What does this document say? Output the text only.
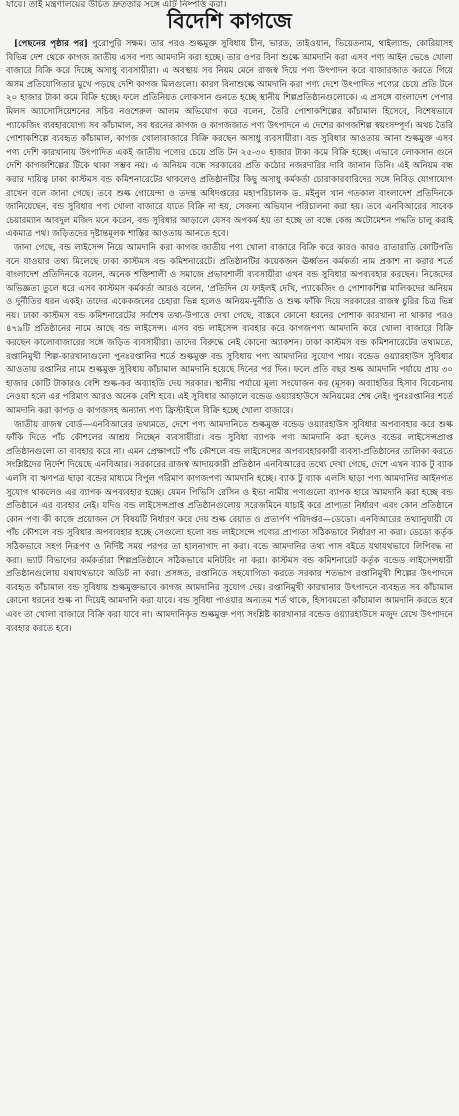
যাবে। তাই মন্ত্রণালয়ের উচিত দ্রুততার সঙ্গে এটি নিষ্পত্তি করা।
বিদেশি কাগজে

[পেছনের পৃষ্ঠার পর] পুরোপুরি সক্ষম। তার পরও শুল্কমুক্ত সুবিধায় চীন, ভারত, তাইওয়ান, ভিয়েতনাম, থাইল্যান্ড, কোরিয়াসহ বিভিন্ন দেশ থেকে কাগজ জাতীয় এসব পণ্য আমদানি করা হচ্ছে। তার ওপর বিনা শুল্কে আমদানি করা এসব পণ্য আইন ভেঙে খোলা বাজারে বিক্রি করে দিচ্ছে অসাধু ব্যবসায়ীরা। এ অবস্থায় সব নিয়ম মেনে রাজস্ব দিয়ে পণ্য উৎপাদন করে বাজারজাত করতে গিয়ে অসম প্রতিযোগিতার মুখে পড়ছে দেশি কাগজ মিলগুলো। কারণ বিনাশুল্কে আমদানি করা পণ্য দেশে উৎপাদিত পণ্যের চেয়ে প্রতি টনে ২০ হাজার টাকা কমে বিক্রি হচ্ছে। ফলে প্রতিনিয়ত লোকসান গুনতে হচ্ছে স্থানীয় শিল্পপ্রতিষ্ঠানগুলোকে। এ প্রসঙ্গে বাংলাদেশ পেপার মিলস অ্যাসোসিয়েশনের সচিব নওশেরুল আলম অভিযোগ করে বলেন, তৈরি পোশাকশিল্পের কাঁচামাল হিসেবে, বিশেষভাবে প্যাকেজিং ব্যবহারযোগ্য সব কাঁচামাল, সব ধরনের কাগজ ও কাগজজাত পণ্য উৎপাদনে এ দেশের কাগজশিল্প স্বয়ংসম্পূর্ণ। অথচ তৈরি পোশাকশিল্পে ব্যবহৃত কাঁচামাল, কাগজ খোলাবাজারে বিক্রি করছেন অসাধু ব্যবসায়ীরা। বন্ড সুবিধার আওতায় আনা শুল্কমুক্ত এসব পণ্য দেশি কারখানায় উৎপাদিত একই জাতীয় পণ্যের চেয়ে প্রতি টন ২৫-৩০ হাজার টাকা কমে বিক্রি হচ্ছে। এভাবে লোকসান গুনে দেশি কাগজশিল্পের টিকে থাকা সম্ভব নয়। এ অনিয়ম বন্ধে সরকারের প্রতি কঠোর নজরদারির দাবি জানান তিনি। এই অনিয়ম বন্ধ করার দায়িত্ব ঢাকা কাস্টমস বন্ড কমিশনারেটের থাকলেও প্রতিষ্ঠানটির কিছু অসাধু কর্মকর্তা চোরাকারবারিদের সঙ্গে নিবিড় যোগাযোগ রাখেন বলে জানা গেছে। তবে শুল্ক গোয়েন্দা ও তদন্ত অধিদপ্তরের মহাপরিচালক ড. মইনুল খান গতকাল বাংলাদেশ প্রতিদিনকে জানিয়েছেন, বন্ড সুবিধার পণ্য খোলা বাজারে যাতে বিক্রি না হয়, সেজন্য অভিযান পরিচালনা করা হয়। তবে এনবিআরের সাবেক চেয়ারম্যান আবদুল মজিদ মনে করেন, বন্ড সুবিধার আড়ালে যেসব অপকর্ম হয় তা হচ্ছে তা বন্ধে কেন্দ্র অটোমেশন পদ্ধতি চালু করাই একমাত্র পথ। জড়িতদের দৃষ্টান্তমূলক শাস্তির আওতায় আনতে হবে।

জানা গেছে, বন্ড লাইসেন্স নিয়ে আমদানি করা কাগজ জাতীয় পণ্য খোলা বাজারে বিক্রি করে কারও কারও রাতারাতি কোটিপতি বনে যাওয়ার তথ্য মিলেছে ঢাকা কাস্টমস বন্ড কমিশনারেটে। প্রতিষ্ঠানটির কয়েকজন ঊর্ধ্বতন কর্মকর্তা নাম প্রকাশ না করার শর্তে বাংলাদেশ প্রতিদিনকে বলেন, অনেক শক্তিশালী ও সমাজে প্রভাবশালী ব্যবসায়ীরা এখন বন্ড সুবিধার অপব্যবহার করছেন। নিজেদের অভিজ্ঞতা তুলে ধরে এসব কাস্টমস কর্মকর্তা আরও বলেন, 'প্রতিদিন যে ফাইলই দেখি, প্যাকেজিং ও পোশাকশিল্প মালিকদের অনিয়ম ও দুর্নীতির ধরন একই। তাদের একেকজনের চেহারা ভিন্ন হলেও অনিয়ম-দুর্নীতি ও শুল্ক ফাঁকি দিয়ে সরকারের রাজস্ব চুরির চিত্র ভিন্ন নয়। ঢাকা কাস্টমস বন্ড কমিশনারেটের সর্বশেষ তথ্য-উপাত্তে দেখা গেছে, বাস্তবে কোনো ধরনের পোশাক কারখানা না থাকার পরও ৪৭৯টি প্রতিষ্ঠানের নামে আছে বন্ড লাইসেন্স। এসব বন্ড লাইসেন্স ব্যবহার করে কাগজপণ্য আমদানি করে খোলা বাজারে বিক্রি করছেন কালোবাজারের সঙ্গে জড়িত ব্যবসায়ীরা। তাদের বিরুদ্ধে নেই কোনো অ্যাকশন। ঢাকা কাস্টমস বন্ড কমিশনারেটের তথ্যমতে, রপ্তানিমুখী শিল্প-কারখানাগুলো পুনঃরপ্তানির শর্তে শুল্কমুক্ত বন্ড সুবিধায় পণ্য আমদানির সুযোগ পায়। বন্ডেড ওয়্যারহাউস সুবিধার আওতায় রপ্তানির নামে শুল্কমুক্ত সুবিধায় কাঁচামাল আমদানি হয়েছে দিনের পর দিন। ফলে প্রতি বছর শুল্ক আমদানি পর্যায়ে প্রায় ৩০ হাজার কোটি টাকারও বেশি শুল্ক-কর অব্যাহতি দেয় সরকার। স্থানীয় পর্যায়ে মূল্য সংযোজন কর (মূসক) অব্যাহতির হিসাব বিবেচনায় নেওয়া হলে এর পরিমাণ আরও অনেক বেশি হবে। এই সুবিধার আড়ালে বন্ডেড ওয়্যারহাউসে অনিয়মের শেষ নেই। পুনঃরপ্তানির শর্তে আমদানি করা কাপড় ও কাগজসহ অন্যান্য পণ্য ফ্রিস্টাইলে বিক্রি হচ্ছে খোলা বাজারে।

জাতীয় রাজস্ব বোর্ড—এনবিআরের তথ্যমতে, দেশে পণ্য আমদানিতে শুল্কমুক্ত বন্ডেড ওয়্যারহাউস সুবিধার অপব্যবহার করে শুল্ক ফাঁকি দিতে পাঁচ কৌশলের আশ্রয় নিচ্ছেন ব্যবসায়ীরা। বন্ড সুবিধা ব্যাপক পণ্য আমদানি করা হলেও বন্ডের লাইসেন্সপ্রাপ্ত প্রতিষ্ঠানগুলো তা ব্যবহার করে না। এমন প্রেক্ষাপটে পাঁচ কৌশলে বন্ড লাইসেন্সের অপব্যবহারকারী ব্যবসা-প্রতিষ্ঠানের তালিকা করতে সংশ্লিষ্টদের নির্দেশ দিয়েছে এনবিআর। সরকারের রাজস্ব আদায়কারী প্রতিষ্ঠান এনবিআরের তথ্যে দেখা গেছে, দেশে এখন ব্যাক টু ব্যাক এলসি বা ঋণপত্র ছাড়া বন্ডের মাধ্যমে বিপুল পরিমাণ কাগজপণ্য আমদানি হচ্ছে। ব্যাক টু ব্যাক এলসি ছাড়া পণ্য আমদানির আইনগত সুযোগ থাকলেও এর ব্যাপক অপব্যবহার হচ্ছে। যেমন পিভিসি রেসিন ও ইভা নামীয় পণ্যগুলো ব্যাপক হারে আমদানি করা হচ্ছে বন্ড প্রতিষ্ঠানে এর ব্যবহার নেই। যদিও বন্ড লাইসেন্সপ্রাপ্ত প্রতিষ্ঠানগুলোয় সরেজমিনে যাচাই করে প্রাপ্যতা নির্ধারণ এবং কোন প্রতিষ্ঠানে কোন পণ্য কী কাজে প্রয়োজন সে বিষয়টি নির্ধারণ করে দেয় শুল্ক রেয়াত ও প্রত্যর্পণ পরিদপ্তর—ডেডো। এনবিআরের তথ্যানুযায়ী যে পাঁচ কৌশলে বন্ড সুবিধার অপব্যবহার হচ্ছে সেগুলো হলো বন্ড লাইসেন্সে পণ্যের প্রাপ্যতা সঠিকভাবে নির্ধারণ না করা। ডেডো কর্তৃক সঠিকভাবে সহগ নিরূপণ ও নির্দিষ্ট সময় পরপর তা হালনাগাদ না করা। বন্ডে আমদানির তথ্য পাস বইতে যথাযথভাবে লিপিবদ্ধ না করা। ভ্যাট বিভাগের কর্মকর্তারা শিল্পপ্রতিষ্ঠানে সঠিকভাবে মনিটরিং না করা। কাস্টমস বন্ড কমিশনারেট কর্তৃক বন্ডেড লাইসেন্সধারী প্রতিষ্ঠানগুলোয় যথাযথভাবে অডিট না করা। প্রসঙ্গত, রপ্তানিতে সহযোগিতা করতে সরকার শতভাগ রপ্তানিমুখী শিল্পের উৎপাদনে ব্যবহৃত কাঁচামাল বন্ড সুবিধায় শুল্কমুক্তভাবে কাগজ আমদানির সুযোগ দেয়। রপ্তানিমুখী কারখানার উৎপাদনে ব্যবহৃত সব কাঁচামাল কোনো ধরনের শুল্ক না দিয়েই আমদানি করা যাবে। বন্ড সুবিধা পাওয়ার অন্যতম শর্ত থাকে, হিসাবমতো কাঁচামাল আমদানি করতে হবে এবং তা খোলা বাজারে বিক্রি করা যাবে না। আমদানিকৃত শুল্কমুক্ত পণ্য সংশ্লিষ্ট কারখানার বন্ডেড ওয়্যারহাউসে মজুদ রেখে উৎপাদনে ব্যবহার করতে হবে।
